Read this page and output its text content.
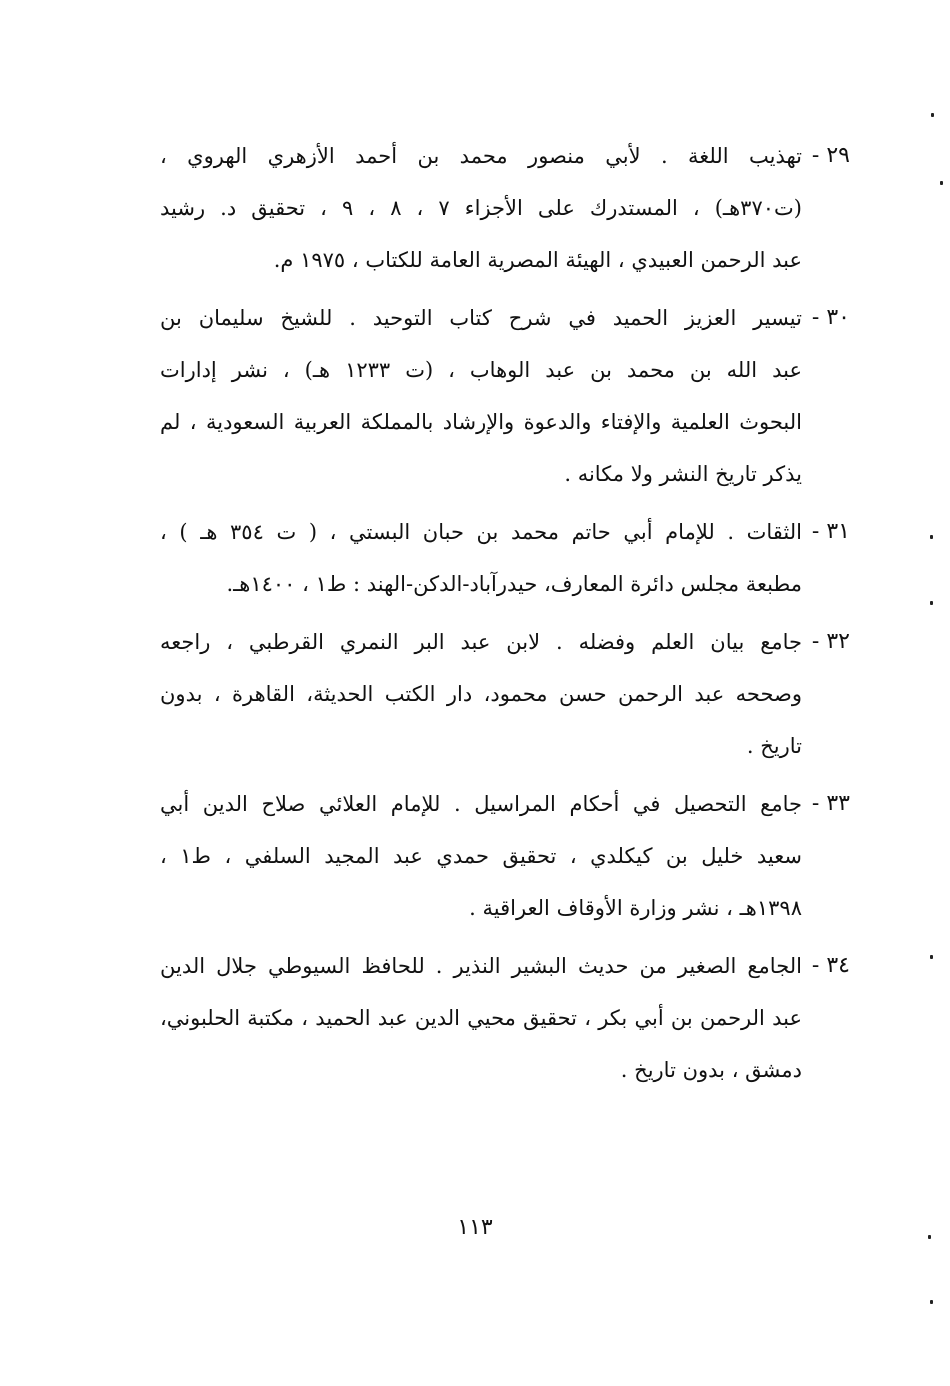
٢٩ -
تهذيب اللغة . لأبي منصور محمد بن أحمد الأزهري الهروي ،
(ت٣٧٠هـ) ، المستدرك على الأجزاء ٧ ، ٨ ، ٩ ، تحقيق د. رشيد
عبد الرحمن العبيدي ، الهيئة المصرية العامة للكتاب ، ١٩٧٥ م.
٣٠ -
تيسير العزيز الحميد في شرح كتاب التوحيد . للشيخ سليمان بن
عبد الله بن محمد بن عبد الوهاب ، (ت ١٢٣٣ هـ) ، نشر إدارات
البحوث العلمية والإفتاء والدعوة والإرشاد بالمملكة العربية السعودية ، لم
يذكر تاريخ النشر ولا مكانه .
٣١ -
الثقات . للإمام أبي حاتم محمد بن حبان البستي ، ( ت ٣٥٤ هـ ) ،
مطبعة مجلس دائرة المعارف، حيدرآباد-الدكن-الهند : ط١ ، ١٤٠٠هـ.
٣٢ -
جامع بيان العلم وفضله . لابن عبد البر النمري القرطبي ، راجعه
وصححه عبد الرحمن حسن محمود، دار الكتب الحديثة، القاهرة ، بدون
تاريخ .
٣٣ -
جامع التحصيل في أحكام المراسيل . للإمام العلائي صلاح الدين أبي
سعيد خليل بن كيكلدي ، تحقيق حمدي عبد المجيد السلفي ، ط١ ،
١٣٩٨هـ ، نشر وزارة الأوقاف العراقية .
٣٤ -
الجامع الصغير من حديث البشير النذير . للحافظ السيوطي جلال الدين
عبد الرحمن بن أبي بكر ، تحقيق محيي الدين عبد الحميد ، مكتبة الحلبوني،
دمشق ، بدون تاريخ .
١١٣
